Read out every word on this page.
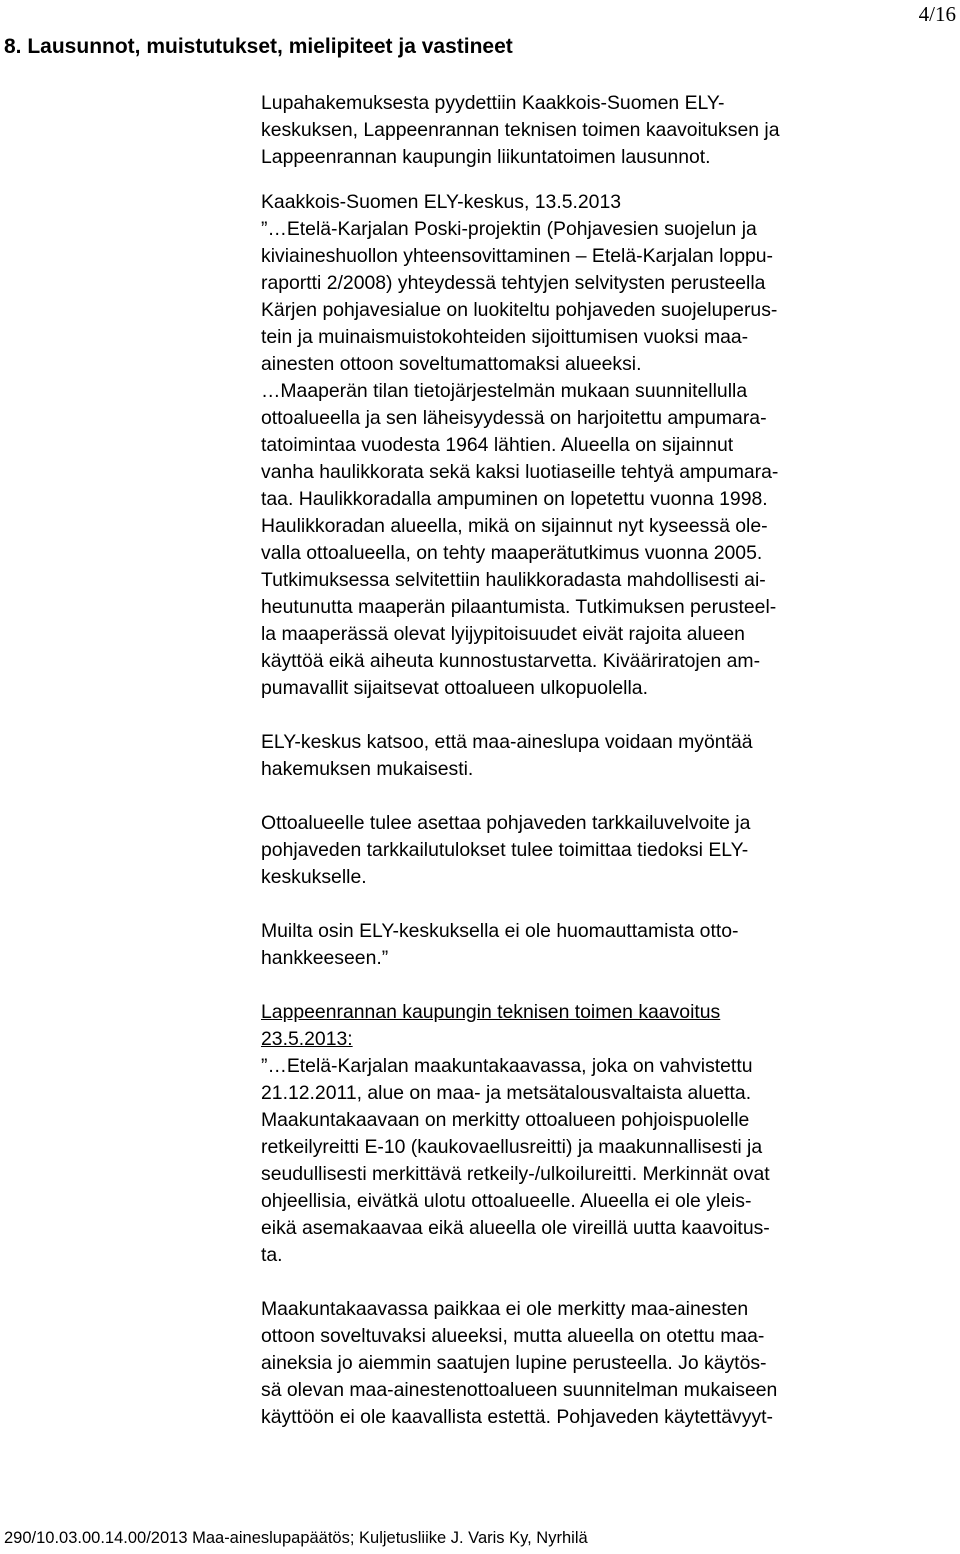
4/16
8. Lausunnot, muistutukset, mielipiteet ja vastineet

Lupahakemuksesta pyydettiin Kaakkois-Suomen ELY-
keskuksen, Lappeenrannan teknisen toimen kaavoituksen ja
Lappeenrannan kaupungin liikuntatoimen lausunnot.

Kaakkois-Suomen ELY-keskus, 13.5.2013

”…Etelä-Karjalan Poski-projektin (Pohjavesien suojelun ja
kiviaineshuollon yhteensovittaminen – Etelä-Karjalan loppu-
raportti 2/2008) yhteydessä tehtyjen selvitysten perusteella
Kärjen pohjavesialue on luokiteltu pohjaveden suojeluperus-
tein ja muinaismuistokohteiden sijoittumisen vuoksi maa-
ainesten ottoon soveltumattomaksi alueeksi.
…Maaperän tilan tietojärjestelmän mukaan suunnitellulla
ottoalueella ja sen läheisyydessä on harjoitettu ampumara-
tatoimintaa vuodesta 1964 lähtien. Alueella on sijainnut
vanha haulikkorata sekä kaksi luotiaseille tehtyä ampumara-
taa. Haulikkoradalla ampuminen on lopetettu vuonna 1998.
Haulikkoradan alueella, mikä on sijainnut nyt kyseessä ole-
valla ottoalueella, on tehty maaperätutkimus vuonna 2005.
Tutkimuksessa selvitettiin haulikkoradasta mahdollisesti ai-
heutunutta maaperän pilaantumista. Tutkimuksen perusteel-
la maaperässä olevat lyijypitoisuudet eivät rajoita alueen
käyttöä eikä aiheuta kunnostustarvetta. Kivääriratojen am-
pumavallit sijaitsevat ottoalueen ulkopuolella.

ELY-keskus katsoo, että maa-aineslupa voidaan myöntää
hakemuksen mukaisesti.

Ottoalueelle tulee asettaa pohjaveden tarkkailuvelvoite ja
pohjaveden tarkkailutulokset tulee toimittaa tiedoksi ELY-
keskukselle.

Muilta osin ELY-keskuksella ei ole huomauttamista otto-
hankkeeseen.”

Lappeenrannan kaupungin teknisen toimen kaavoitus
23.5.2013:

”…Etelä-Karjalan maakuntakaavassa, joka on vahvistettu
21.12.2011, alue on maa- ja metsätalousvaltaista aluetta.
Maakuntakaavaan on merkitty ottoalueen pohjoispuolelle
retkeilyreitti E-10 (kaukovaellusreitti) ja maakunnallisesti ja
seudullisesti merkittävä retkeily-/ulkoilureitti. Merkinnät ovat
ohjeellisia, eivätkä ulotu ottoalueelle. Alueella ei ole yleis-
eikä asemakaavaa eikä alueella ole vireillä uutta kaavoitus-
ta.

Maakuntakaavassa paikkaa ei ole merkitty maa-ainesten
ottoon soveltuvaksi alueeksi, mutta alueella on otettu maa-
aineksia jo aiemmin saatujen lupine perusteella. Jo käytös-
sä olevan maa-ainestenottoalueen suunnitelman mukaiseen
käyttöön ei ole kaavallista estettä. Pohjaveden käytettävyyt-

290/10.03.00.14.00/2013 Maa-aineslupapäätös; Kuljetusliike J. Varis Ky, Nyrhilä
